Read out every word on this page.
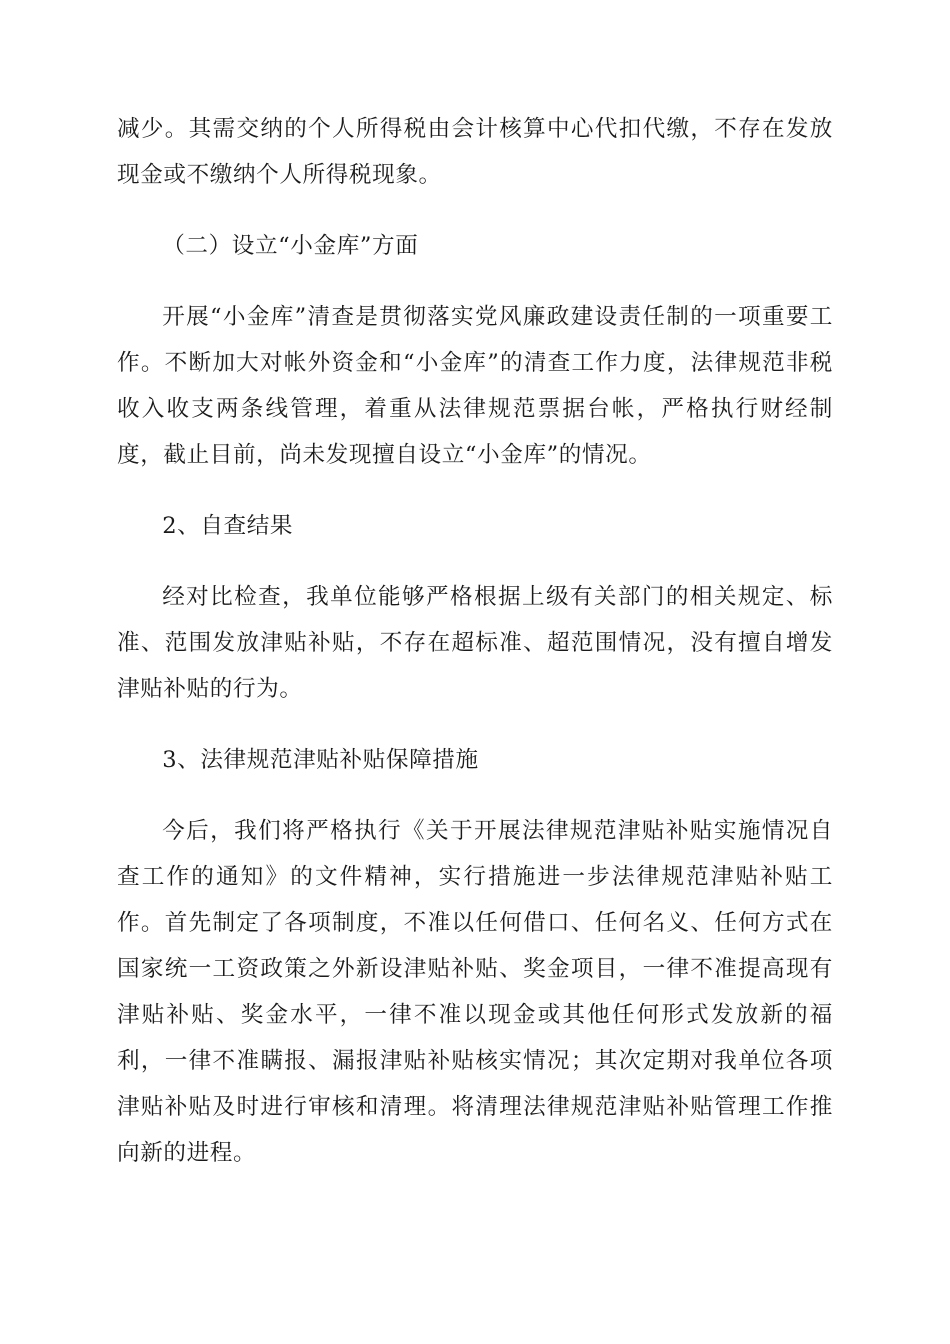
减少。其需交纳的个人所得税由会计核算中心代扣代缴，不存在发放现金或不缴纳个人所得税现象。

（二）设立“小金库”方面

开展“小金库”清查是贯彻落实党风廉政建设责任制的一项重要工作。不断加大对帐外资金和“小金库”的清查工作力度，法律规范非税收入收支两条线管理，着重从法律规范票据台帐，严格执行财经制度，截止目前，尚未发现擅自设立“小金库”的情况。

2、自查结果

经对比检查，我单位能够严格根据上级有关部门的相关规定、标准、范围发放津贴补贴，不存在超标准、超范围情况，没有擅自增发津贴补贴的行为。

3、法律规范津贴补贴保障措施

今后，我们将严格执行《关于开展法律规范津贴补贴实施情况自查工作的通知》的文件精神，实行措施进一步法律规范津贴补贴工作。首先制定了各项制度，不准以任何借口、任何名义、任何方式在国家统一工资政策之外新设津贴补贴、奖金项目，一律不准提高现有津贴补贴、奖金水平，一律不准以现金或其他任何形式发放新的福利，一律不准瞒报、漏报津贴补贴核实情况；其次定期对我单位各项津贴补贴及时进行审核和清理。将清理法律规范津贴补贴管理工作推向新的进程。
